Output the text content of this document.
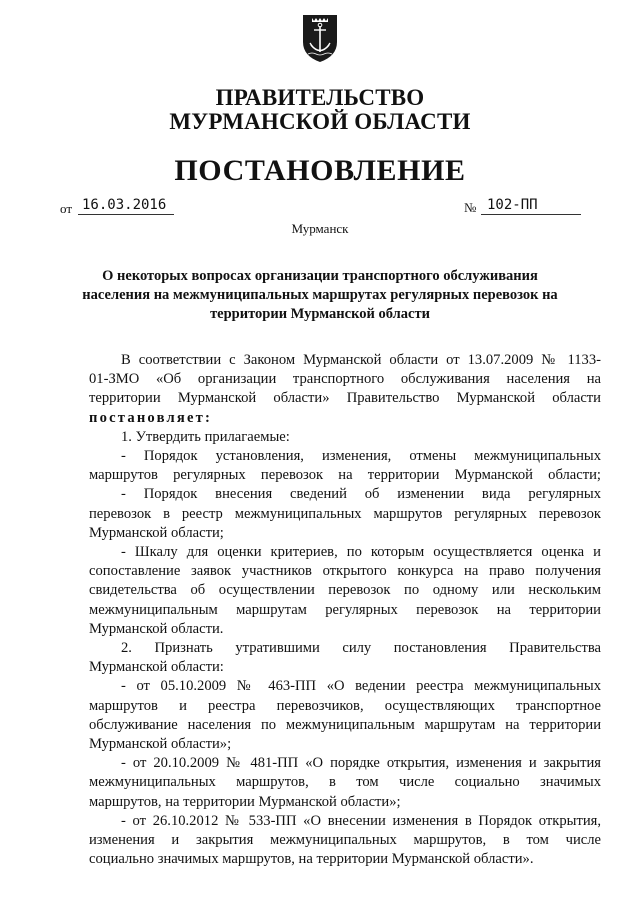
ПРАВИТЕЛЬСТВО
МУРМАНСКОЙ ОБЛАСТИ
ПОСТАНОВЛЕНИЕ
от 16.03.2016	№ 102-ПП
Мурманск
О некоторых вопросах организации транспортного обслуживания
населения на межмуниципальных маршрутах регулярных перевозок на
территории Мурманской области
В соответствии с Законом Мурманской области от 13.07.2009 № 1133-
01-ЗМО «Об организации транспортного обслуживания населения на
территории Мурманской области» Правительство Мурманской области
постановляет:
1. Утвердить прилагаемые:
- Порядок установления, изменения, отмены межмуниципальных
маршрутов регулярных перевозок на территории Мурманской области;
- Порядок внесения сведений об изменении вида регулярных
перевозок в реестр межмуниципальных маршрутов регулярных перевозок
Мурманской области;
- Шкалу для оценки критериев, по которым осуществляется оценка и
сопоставление заявок участников открытого конкурса на право получения
свидетельства об осуществлении перевозок по одному или нескольким
межмуниципальным маршрутам регулярных перевозок на территории
Мурманской области.
2. Признать утратившими силу постановления Правительства
Мурманской области:
- от 05.10.2009 № 463-ПП «О ведении реестра межмуниципальных
маршрутов и реестра перевозчиков, осуществляющих транспортное
обслуживание населения по межмуниципальным маршрутам на территории
Мурманской области»;
- от 20.10.2009 № 481-ПП «О порядке открытия, изменения и закрытия
межмуниципальных маршрутов, в том числе социально значимых
маршрутов, на территории Мурманской области»;
- от 26.10.2012 № 533-ПП «О внесении изменения в Порядок открытия,
изменения и закрытия межмуниципальных маршрутов, в том числе
социально значимых маршрутов, на территории Мурманской области».
